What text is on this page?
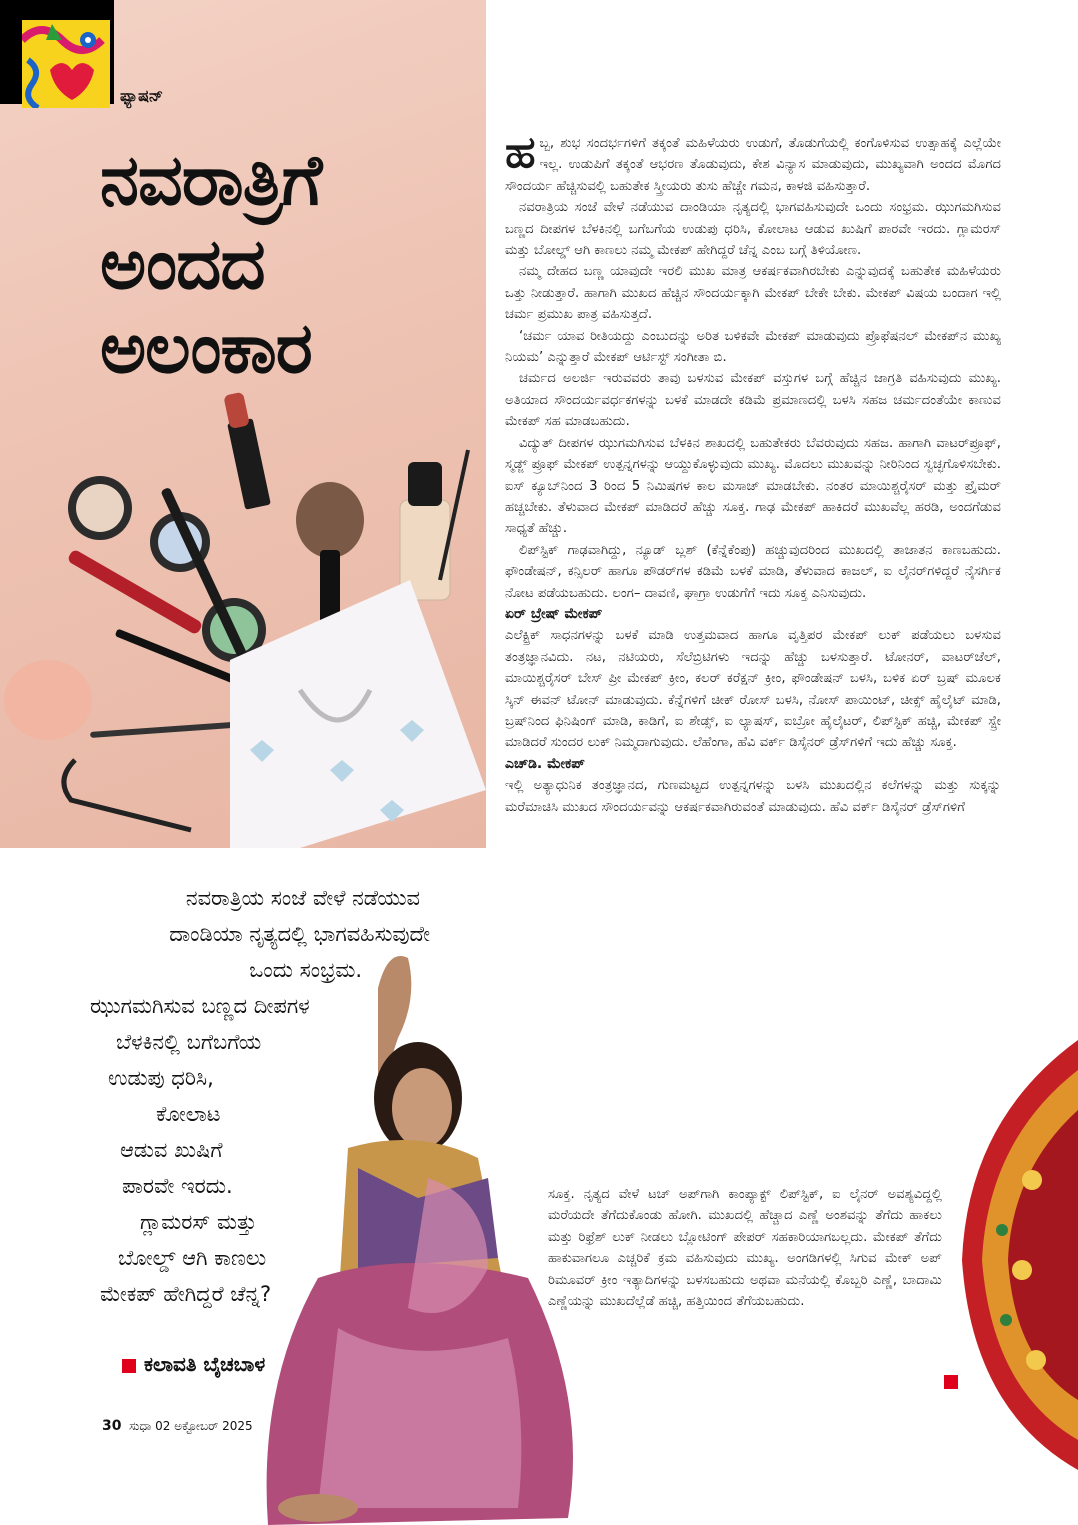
ಫ್ಯಾಷನ್
ನವರಾತ್ರಿಗೆ
ಅಂದದ
ಅಲಂಕಾರ

ಹಬ್ಬ, ಶುಭ ಸಂದರ್ಭಗಳಿಗೆ ತಕ್ಕಂತೆ ಮಹಿಳೆಯರು ಉಡುಗೆ, ತೊಡುಗೆಯಲ್ಲಿ ಕಂಗೊಳಿಸುವ ಉತ್ಸಾಹಕ್ಕೆ ಎಲ್ಲೆಯೇ ಇಲ್ಲ. ಉಡುಪಿಗೆ ತಕ್ಕಂತೆ ಆಭರಣ ತೊಡುವುದು, ಕೇಶ ವಿನ್ಯಾಸ ಮಾಡುವುದು, ಮುಖ್ಯವಾಗಿ ಅಂದದ ಮೊಗದ ಸೌಂದರ್ಯ ಹೆಚ್ಚಿಸುವಲ್ಲಿ ಬಹುತೇಕ ಸ್ತ್ರೀಯರು ತುಸು ಹೆಚ್ಚೇ ಗಮನ, ಕಾಳಜಿ ವಹಿಸುತ್ತಾರೆ.

ನವರಾತ್ರಿಯ ಸಂಜೆ ವೇಳೆ ನಡೆಯುವ ದಾಂಡಿಯಾ ನೃತ್ಯದಲ್ಲಿ ಭಾಗವಹಿಸುವುದೇ ಒಂದು ಸಂಭ್ರಮ. ಝುಗಮಗಿಸುವ ಬಣ್ಣದ ದೀಪಗಳ ಬೆಳಕಿನಲ್ಲಿ ಬಗೆಬಗೆಯ ಉಡುಪು ಧರಿಸಿ, ಕೋಲಾಟ ಆಡುವ ಖುಷಿಗೆ ಪಾರವೇ ಇರದು. ಗ್ಲಾಮರಸ್ ಮತ್ತು ಬೋಲ್ಡ್ ಆಗಿ ಕಾಣಲು ನಮ್ಮ ಮೇಕಪ್ ಹೇಗಿದ್ದರೆ ಚೆನ್ನ ಎಂಬ ಬಗ್ಗೆ ತಿಳಿಯೋಣ.

ನಮ್ಮ ದೇಹದ ಬಣ್ಣ ಯಾವುದೇ ಇರಲಿ ಮುಖ ಮಾತ್ರ ಆಕರ್ಷಕವಾಗಿರಬೇಕು ಎನ್ನುವುದಕ್ಕೆ ಬಹುತೇಕ ಮಹಿಳೆಯರು ಒತ್ತು ನೀಡುತ್ತಾರೆ. ಹಾಗಾಗಿ ಮುಖದ ಹೆಚ್ಚಿನ ಸೌಂದರ್ಯಕ್ಕಾಗಿ ಮೇಕಪ್ ಬೇಕೇ ಬೇಕು. ಮೇಕಪ್ ವಿಷಯ ಬಂದಾಗ ಇಲ್ಲಿ ಚರ್ಮ ಪ್ರಮುಖ ಪಾತ್ರ ವಹಿಸುತ್ತದೆ.

‘ಚರ್ಮ ಯಾವ ರೀತಿಯದ್ದು ಎಂಬುದನ್ನು ಅರಿತ ಬಳಿಕವೇ ಮೇಕಪ್ ಮಾಡುವುದು ಪ್ರೊಫೆಷನಲ್ ಮೇಕಪ್‌ನ ಮುಖ್ಯ ನಿಯಮ’ ಎನ್ನುತ್ತಾರೆ ಮೇಕಪ್ ಆರ್ಟಿಸ್ಟ್ ಸಂಗೀತಾ ಬಿ.

ಚರ್ಮದ ಅಲರ್ಜಿ ಇರುವವರು ತಾವು ಬಳಸುವ ಮೇಕಪ್ ವಸ್ತುಗಳ ಬಗ್ಗೆ ಹೆಚ್ಚಿನ ಜಾಗ್ರತಿ ವಹಿಸುವುದು ಮುಖ್ಯ. ಅತಿಯಾದ ಸೌಂದರ್ಯವರ್ಧಕಗಳನ್ನು ಬಳಕೆ ಮಾಡದೇ ಕಡಿಮೆ ಪ್ರಮಾಣದಲ್ಲಿ ಬಳಸಿ ಸಹಜ ಚರ್ಮದಂತೆಯೇ ಕಾಣುವ ಮೇಕಪ್ ಸಹ ಮಾಡಬಹುದು.

ವಿದ್ಯುತ್ ದೀಪಗಳ ಝುಗಮಗಿಸುವ ಬೆಳಕಿನ ಶಾಖದಲ್ಲಿ ಬಹುತೇಕರು ಬೆವರುವುದು ಸಹಜ. ಹಾಗಾಗಿ ವಾಟರ್‌ಪ್ರೂಫ್, ಸ್ಮಡ್ಜ್ ಪ್ರೂಫ್ ಮೇಕಪ್ ಉತ್ಪನ್ನಗಳನ್ನು ಆಯ್ದುಕೊಳ್ಳುವುದು ಮುಖ್ಯ. ಮೊದಲು ಮುಖವನ್ನು ನೀರಿನಿಂದ ಸ್ವಚ್ಛಗೊಳಿಸಬೇಕು. ಐಸ್ ಕ್ಯೂಬ್‌ನಿಂದ 3 ರಿಂದ 5 ನಿಮಿಷಗಳ ಕಾಲ ಮಸಾಜ್ ಮಾಡಬೇಕು. ನಂತರ ಮಾಯಿಶ್ಚರೈಸರ್ ಮತ್ತು ಪ್ರೈಮರ್ ಹಚ್ಚಬೇಕು. ತೆಳುವಾದ ಮೇಕಪ್ ಮಾಡಿದರೆ ಹೆಚ್ಚು ಸೂಕ್ತ. ಗಾಢ ಮೇಕಪ್ ಹಾಕಿದರೆ ಮುಖವೆಲ್ಲ ಹರಡಿ, ಅಂದಗೆಡುವ ಸಾಧ್ಯತೆ ಹೆಚ್ಚು.

ಲಿಪ್‌ಸ್ಟಿಕ್ ಗಾಢವಾಗಿದ್ದು, ನ್ಯೂಡ್ ಬ್ಲಶ್ (ಕೆನ್ನೆಕೆಂಪು) ಹಚ್ಚುವುದರಿಂದ ಮುಖದಲ್ಲಿ ತಾಜಾತನ ಕಾಣಬಹುದು. ಫೌಂಡೇಷನ್, ಕನ್ಸಿಲರ್ ಹಾಗೂ ಪೌಡರ್‌ಗಳ ಕಡಿಮೆ ಬಳಕೆ ಮಾಡಿ, ತೆಳುವಾದ ಕಾಜಲ್, ಐ ಲೈನರ್‌ಗಳಿದ್ದರೆ ನೈಸರ್ಗಿಕ ನೋಟ ಪಡೆಯಬಹುದು. ಲಂಗ– ದಾವಣಿ, ಘಾಗ್ರಾ ಉಡುಗೆಗೆ ಇದು ಸೂಕ್ತ ಎನಿಸುವುದು.

ಏರ್ ಬ್ರೇಷ್ ಮೇಕಪ್

ಎಲೆಕ್ಟ್ರಿಕ್ ಸಾಧನಗಳನ್ನು ಬಳಕೆ ಮಾಡಿ ಉತ್ತಮವಾದ ಹಾಗೂ ವೃತ್ತಿಪರ ಮೇಕಪ್ ಲುಕ್ ಪಡೆಯಲು ಬಳಸುವ ತಂತ್ರಜ್ಞಾನವಿದು. ನಟ, ನಟಿಯರು, ಸೆಲೆಬ್ರಿಟಿಗಳು ಇದನ್ನು ಹೆಚ್ಚು ಬಳಸುತ್ತಾರೆ. ಟೋನರ್, ವಾಟರ್‌ಜೆಲ್, ಮಾಯಿಶ್ಚರೈಸರ್ ಬೇಸ್ ಪ್ರೀ ಮೇಕಪ್ ಕ್ರೀಂ, ಕಲರ್ ಕರೆಕ್ಷನ್ ಕ್ರೀಂ, ಫೌಂಡೇಷನ್ ಬಳಸಿ, ಬಳಿಕ ಏರ್ ಬ್ರಷ್ ಮೂಲಕ ಸ್ಕಿನ್ ಈವನ್ ಟೋನ್ ಮಾಡುವುದು. ಕೆನ್ನೆಗಳಿಗೆ ಚೀಕ್ ರೋಸ್ ಬಳಸಿ, ನೋಸ್ ಪಾಯಿಂಟ್, ಚೀಕ್ಸ್ ಹೈಲೈಟ್ ಮಾಡಿ, ಬ್ರಷ್‌ನಿಂದ ಫಿನಿಷಿಂಗ್ ಮಾಡಿ, ಕಾಡಿಗೆ, ಐ ಶೇಡ್ಸ್, ಐ ಲ್ಯಾಷಸ್, ಐಬ್ರೋ ಹೈಲೈಟರ್, ಲಿಪ್‌ಸ್ಟಿಕ್ ಹಚ್ಚಿ, ಮೇಕಪ್ ಸ್ಪ್ರೇ ಮಾಡಿದರೆ ಸುಂದರ ಲುಕ್ ನಿಮ್ಮದಾಗುವುದು. ಲೆಹೆಂಗಾ, ಹೆವಿ ವರ್ಕ್ ಡಿಸೈನರ್ ಡ್ರೆಸ್‌ಗಳಿಗೆ ಇದು ಹೆಚ್ಚು ಸೂಕ್ತ.

ಎಚ್‌ಡಿ. ಮೇಕಪ್

ಇಲ್ಲಿ ಅತ್ಯಾಧುನಿಕ ತಂತ್ರಜ್ಞಾನದ, ಗುಣಮಟ್ಟದ ಉತ್ಪನ್ನಗಳನ್ನು ಬಳಸಿ ಮುಖದಲ್ಲಿನ ಕಲೆಗಳನ್ನು ಮತ್ತು ಸುಕ್ಕನ್ನು ಮರೆಮಾಚಿಸಿ ಮುಖದ ಸೌಂದರ್ಯವನ್ನು ಆಕರ್ಷಕವಾಗಿರುವಂತೆ ಮಾಡುವುದು. ಹೆವಿ ವರ್ಕ್ ಡಿಸೈನರ್ ಡ್ರೆಸ್‌ಗಳಿಗೆ

ಸೂಕ್ತ. ನೃತ್ಯದ ವೇಳೆ ಟಚ್ ಅಪ್‌ಗಾಗಿ ಕಾಂಪ್ಯಾಕ್ಟ್ ಲಿಪ್‌ಸ್ಟಿಕ್, ಐ ಲೈನರ್ ಅವಶ್ಯವಿದ್ದಲ್ಲಿ ಮರೆಯದೇ ತೆಗೆದುಕೊಂಡು ಹೋಗಿ. ಮುಖದಲ್ಲಿ ಹೆಚ್ಚಾದ ಎಣ್ಣೆ ಅಂಶವನ್ನು ತೆಗೆದು ಹಾಕಲು ಮತ್ತು ರಿಫ್ರೆಶ್ ಲುಕ್ ನೀಡಲು ಬ್ಲೋಟಿಂಗ್ ಪೇಪರ್ ಸಹಕಾರಿಯಾಗಬಲ್ಲದು. ಮೇಕಪ್ ತೆಗೆದು ಹಾಕುವಾಗಲೂ ಎಚ್ಚರಿಕೆ ಕ್ರಮ ವಹಿಸುವುದು ಮುಖ್ಯ. ಅಂಗಡಿಗಳಲ್ಲಿ ಸಿಗುವ ಮೇಕ್ ಅಪ್ ರಿಮೂವರ್ ಕ್ರೀಂ ಇತ್ಯಾದಿಗಳನ್ನು ಬಳಸಬಹುದು ಅಥವಾ ಮನೆಯಲ್ಲಿ ಕೊಬ್ಬರಿ ಎಣ್ಣೆ, ಬಾದಾಮಿ ಎಣ್ಣೆಯನ್ನು ಮುಖದೆಲ್ಲೆಡೆ ಹಚ್ಚಿ, ಹತ್ತಿಯಿಂದ ತೆಗೆಯಬಹುದು.

ನವರಾತ್ರಿಯ ಸಂಜೆ ವೇಳೆ ನಡೆಯುವ
ದಾಂಡಿಯಾ ನೃತ್ಯದಲ್ಲಿ ಭಾಗವಹಿಸುವುದೇ
ಒಂದು ಸಂಭ್ರಮ.
ಝುಗಮಗಿಸುವ ಬಣ್ಣದ ದೀಪಗಳ
ಬೆಳಕಿನಲ್ಲಿ ಬಗೆಬಗೆಯ
ಉಡುಪು ಧರಿಸಿ,
ಕೋಲಾಟ
ಆಡುವ ಖುಷಿಗೆ
ಪಾರವೇ ಇರದು.
ಗ್ಲಾಮರಸ್ ಮತ್ತು
ಬೋಲ್ಡ್ ಆಗಿ ಕಾಣಲು
ಮೇಕಪ್ ಹೇಗಿದ್ದರೆ ಚೆನ್ನ?
ಕಲಾವತಿ ಬೈಚಬಾಳ
30 ಸುಧಾ 02 ಅಕ್ಟೋಬರ್ 2025
